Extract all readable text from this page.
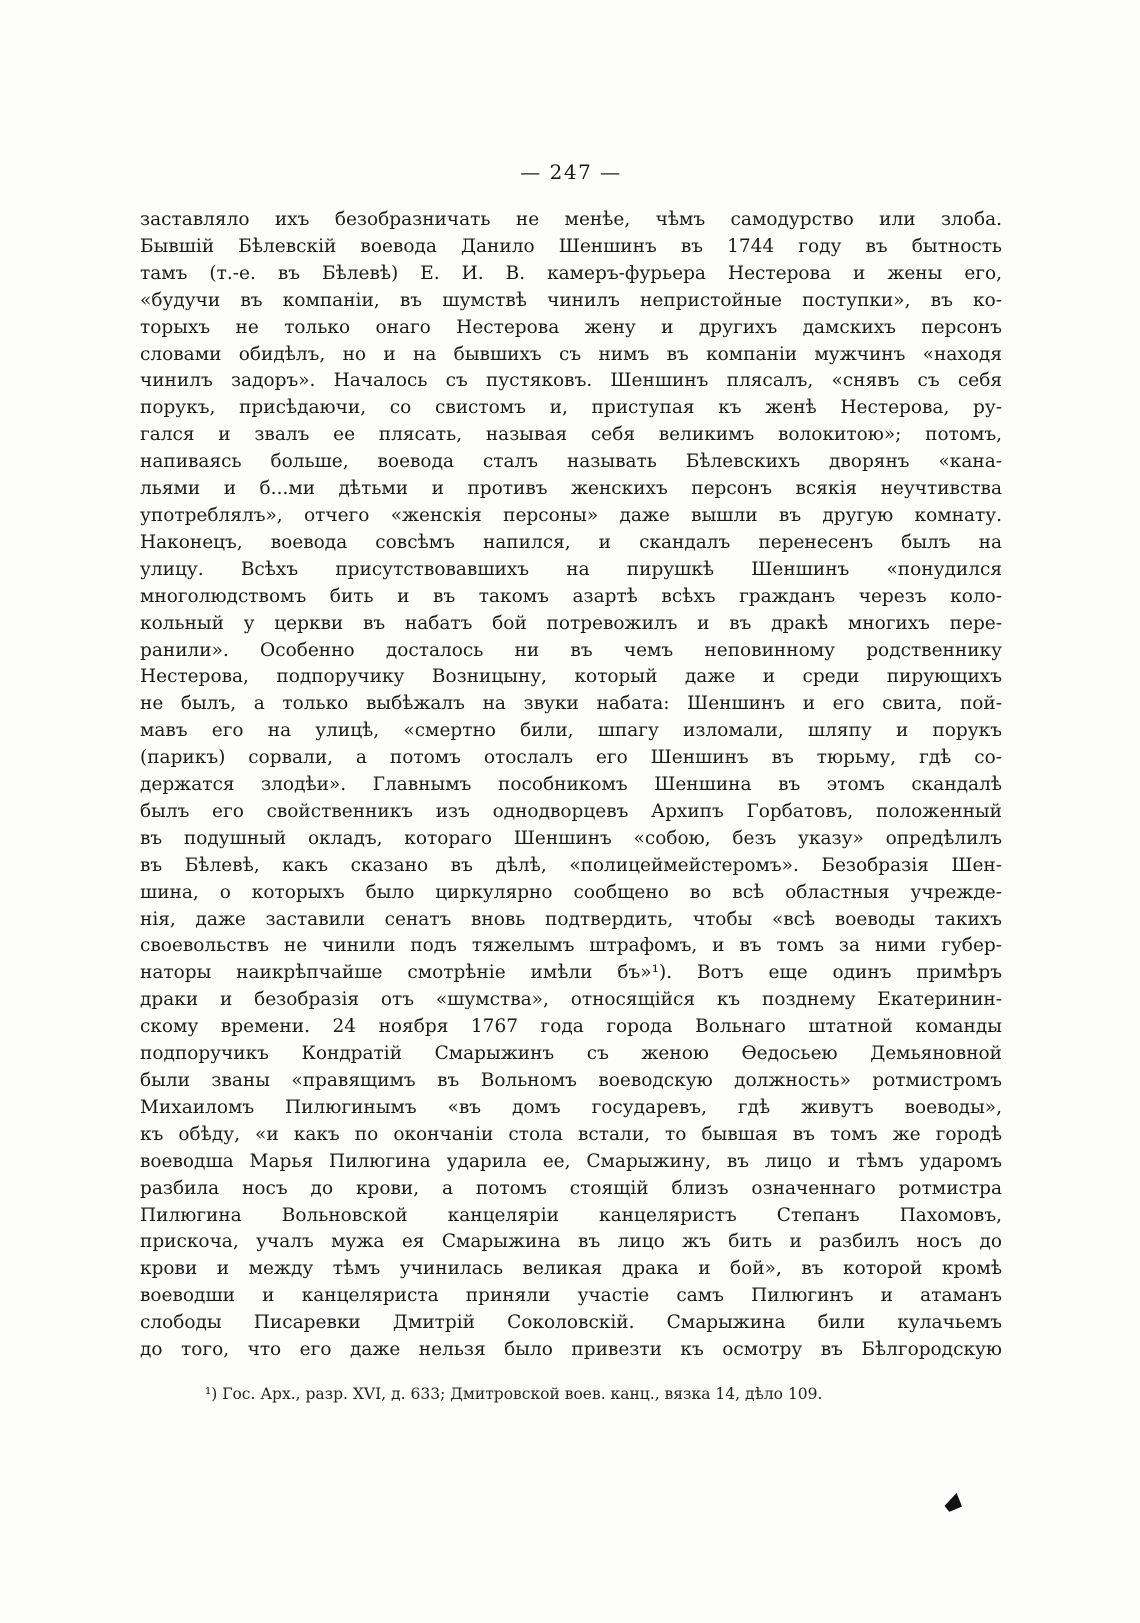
— 247 —
заставляло ихъ безобразничать не менѣе, чѣмъ самодурство или злоба.
Бывшій Бѣлевскій воевода Данило Шеншинъ въ 1744 году въ бытность
тамъ (т.-е. въ Бѣлевѣ) Е. И. В. камеръ-фурьера Нестерова и жены его,
«будучи въ компаніи, въ шумствѣ чинилъ непристойные поступки», въ ко-
торыхъ не только онаго Нестерова жену и другихъ дамскихъ персонъ
словами обидѣлъ, но и на бывшихъ съ нимъ въ компаніи мужчинъ «находя
чинилъ задоръ». Началось съ пустяковъ. Шеншинъ плясалъ, «снявъ съ себя
порукъ, присѣдаючи, со свистомъ и, приступая къ женѣ Нестерова, ру-
гался и звалъ ее плясать, называя себя великимъ волокитою»; потомъ,
напиваясь больше, воевода сталъ называть Бѣлевскихъ дворянъ «кана-
льями и б...ми дѣтьми и противъ женскихъ персонъ всякія неучтивства
употреблялъ», отчего «женскія персоны» даже вышли въ другую комнату.
Наконецъ, воевода совсѣмъ напился, и скандалъ перенесенъ былъ на
улицу. Всѣхъ присутствовавшихъ на пирушкѣ Шеншинъ «понудился
многолюдствомъ бить и въ такомъ азартѣ всѣхъ гражданъ черезъ коло-
кольный у церкви въ набатъ бой потревожилъ и въ дракѣ многихъ пере-
ранили». Особенно досталось ни въ чемъ неповинному родственнику
Нестерова, подпоручику Возницыну, который даже и среди пирующихъ
не былъ, а только выбѣжалъ на звуки набата: Шеншинъ и его свита, пой-
мавъ его на улицѣ, «смертно били, шпагу изломали, шляпу и порукъ
(парикъ) сорвали, а потомъ отослалъ его Шеншинъ въ тюрьму, гдѣ со-
держатся злодѣи». Главнымъ пособникомъ Шеншина въ этомъ скандалѣ
былъ его свойственникъ изъ однодворцевъ Архипъ Горбатовъ, положенный
въ подушный окладъ, котораго Шеншинъ «собою, безъ указу» опредѣлилъ
въ Бѣлевѣ, какъ сказано въ дѣлѣ, «полицеймейстеромъ». Безобразія Шен-
шина, о которыхъ было циркулярно сообщено во всѣ областныя учрежде-
нія, даже заставили сенатъ вновь подтвердить, чтобы «всѣ воеводы такихъ
своевольствъ не чинили подъ тяжелымъ штрафомъ, и въ томъ за ними губер-
наторы наикрѣпчайше смотрѣніе имѣли бъ»¹). Вотъ еще одинъ примѣръ
драки и безобразія отъ «шумства», относящійся къ позднему Екатеринин-
скому времени. 24 ноября 1767 года города Вольнаго штатной команды
подпоручикъ Кондратій Смарыжинъ съ женою Ѳедосьею Демьяновной
были званы «правящимъ въ Вольномъ воеводскую должность» ротмистромъ
Михаиломъ Пилюгинымъ «въ домъ государевъ, гдѣ живутъ воеводы»,
къ обѣду, «и какъ по окончаніи стола встали, то бывшая въ томъ же городѣ
воеводша Марья Пилюгина ударила ее, Смарыжину, въ лицо и тѣмъ ударомъ
разбила носъ до крови, а потомъ стоящій близъ означеннаго ротмистра
Пилюгина Вольновской канцеляріи канцеляристъ Степанъ Пахомовъ,
прискоча, учалъ мужа ея Смарыжина въ лицо жъ бить и разбилъ носъ до
крови и между тѣмъ учинилась великая драка и бой», въ которой кромѣ
воеводши и канцеляриста приняли участіе самъ Пилюгинъ и атаманъ
слободы Писаревки Дмитрій Соколовскій. Смарыжина били кулачьемъ
до того, что его даже нельзя было привезти къ осмотру въ Бѣлгородскую
¹) Гос. Арх., разр. XVI, д. 633; Дмитровской воев. канц., вязка 14, дѣло 109.
